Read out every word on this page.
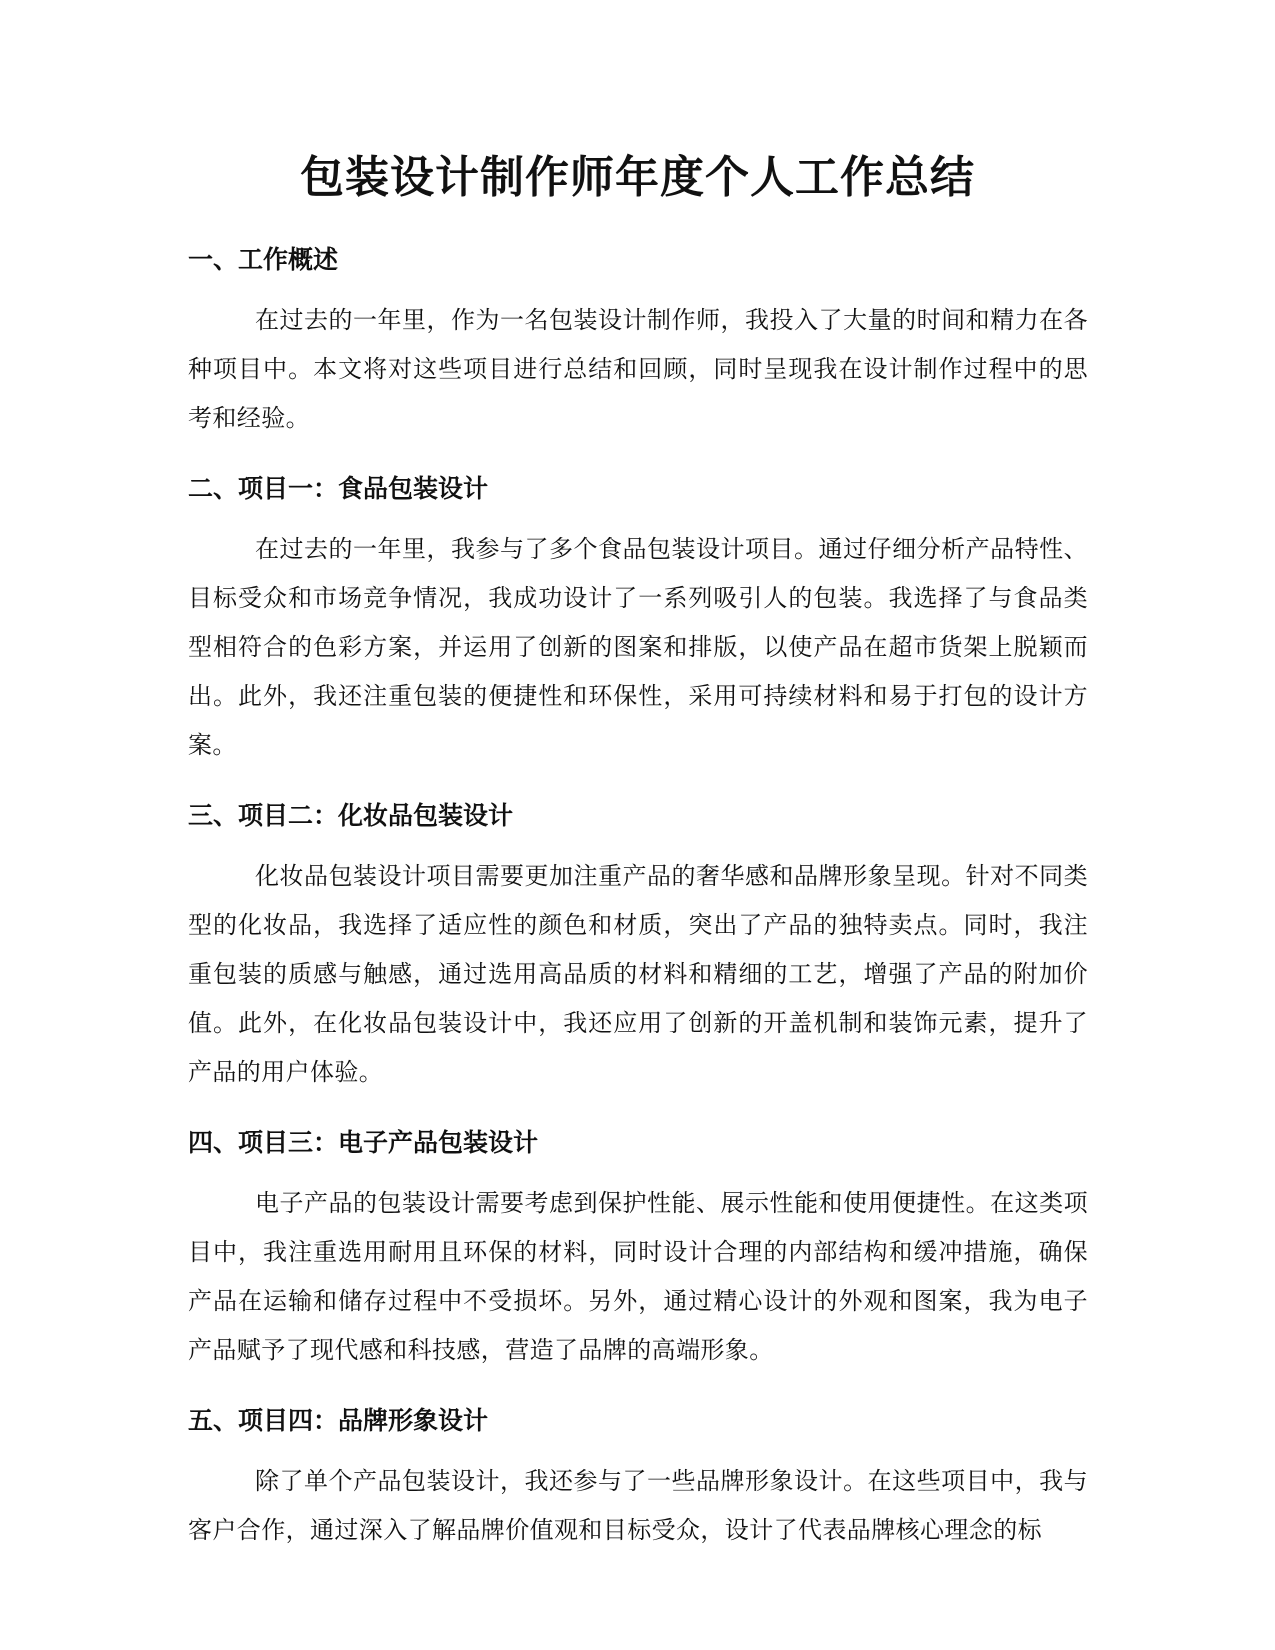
包装设计制作师年度个人工作总结
一、工作概述

在过去的一年里，作为一名包装设计制作师，我投入了大量的时间和精力在各种项目中。本文将对这些项目进行总结和回顾，同时呈现我在设计制作过程中的思考和经验。

二、项目一：食品包装设计

在过去的一年里，我参与了多个食品包装设计项目。通过仔细分析产品特性、目标受众和市场竞争情况，我成功设计了一系列吸引人的包装。我选择了与食品类型相符合的色彩方案，并运用了创新的图案和排版，以使产品在超市货架上脱颖而出。此外，我还注重包装的便捷性和环保性，采用可持续材料和易于打包的设计方案。

三、项目二：化妆品包装设计

化妆品包装设计项目需要更加注重产品的奢华感和品牌形象呈现。针对不同类型的化妆品，我选择了适应性的颜色和材质，突出了产品的独特卖点。同时，我注重包装的质感与触感，通过选用高品质的材料和精细的工艺，增强了产品的附加价值。此外，在化妆品包装设计中，我还应用了创新的开盖机制和装饰元素，提升了产品的用户体验。

四、项目三：电子产品包装设计

电子产品的包装设计需要考虑到保护性能、展示性能和使用便捷性。在这类项目中，我注重选用耐用且环保的材料，同时设计合理的内部结构和缓冲措施，确保产品在运输和储存过程中不受损坏。另外，通过精心设计的外观和图案，我为电子产品赋予了现代感和科技感，营造了品牌的高端形象。

五、项目四：品牌形象设计

除了单个产品包装设计，我还参与了一些品牌形象设计。在这些项目中，我与客户合作，通过深入了解品牌价值观和目标受众，设计了代表品牌核心理念的标
